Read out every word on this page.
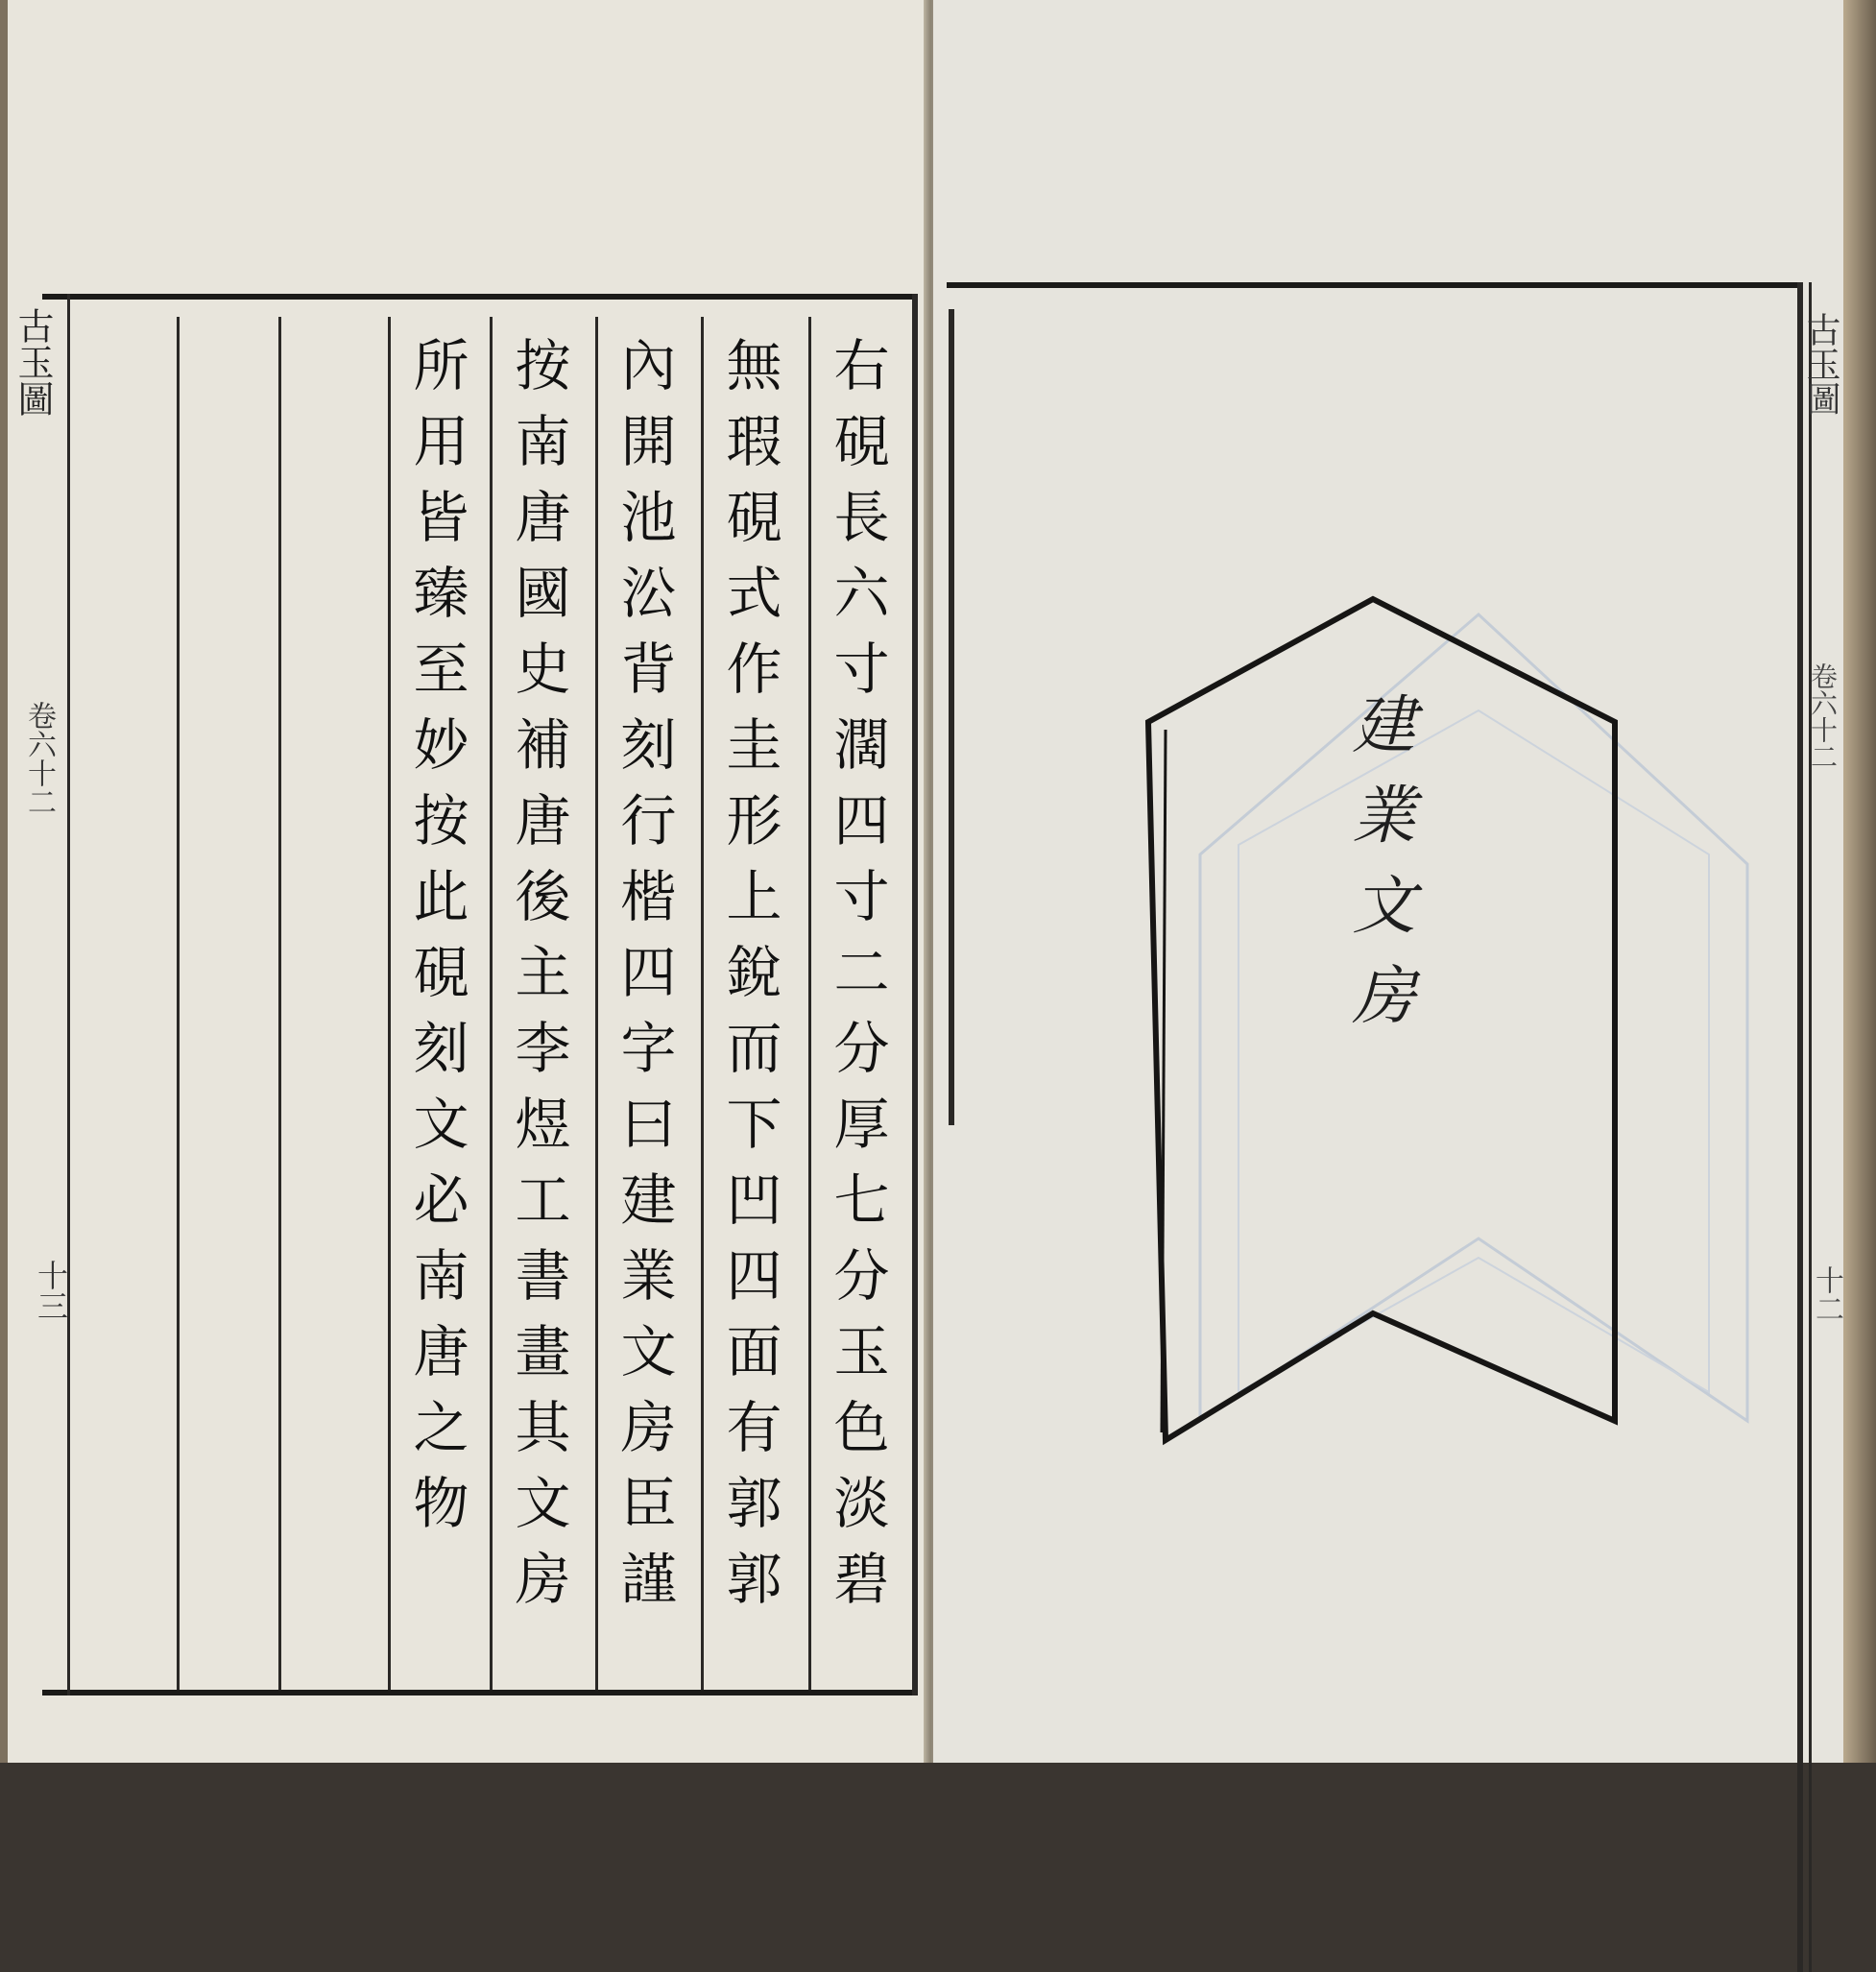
古玉圖
卷六十二
十三	右硯長六寸濶四寸二分厚七分玉色淡碧
無瑕硯式作圭形上銳而下凹四面有郭郭
內開池㳂背刻行楷四字曰建業文房臣謹
按南唐國史補唐後主李煜工書畫其文房
所用皆臻至妙按此硯刻文必南唐之物	建業文房
古玉圖
卷六十二
十二
